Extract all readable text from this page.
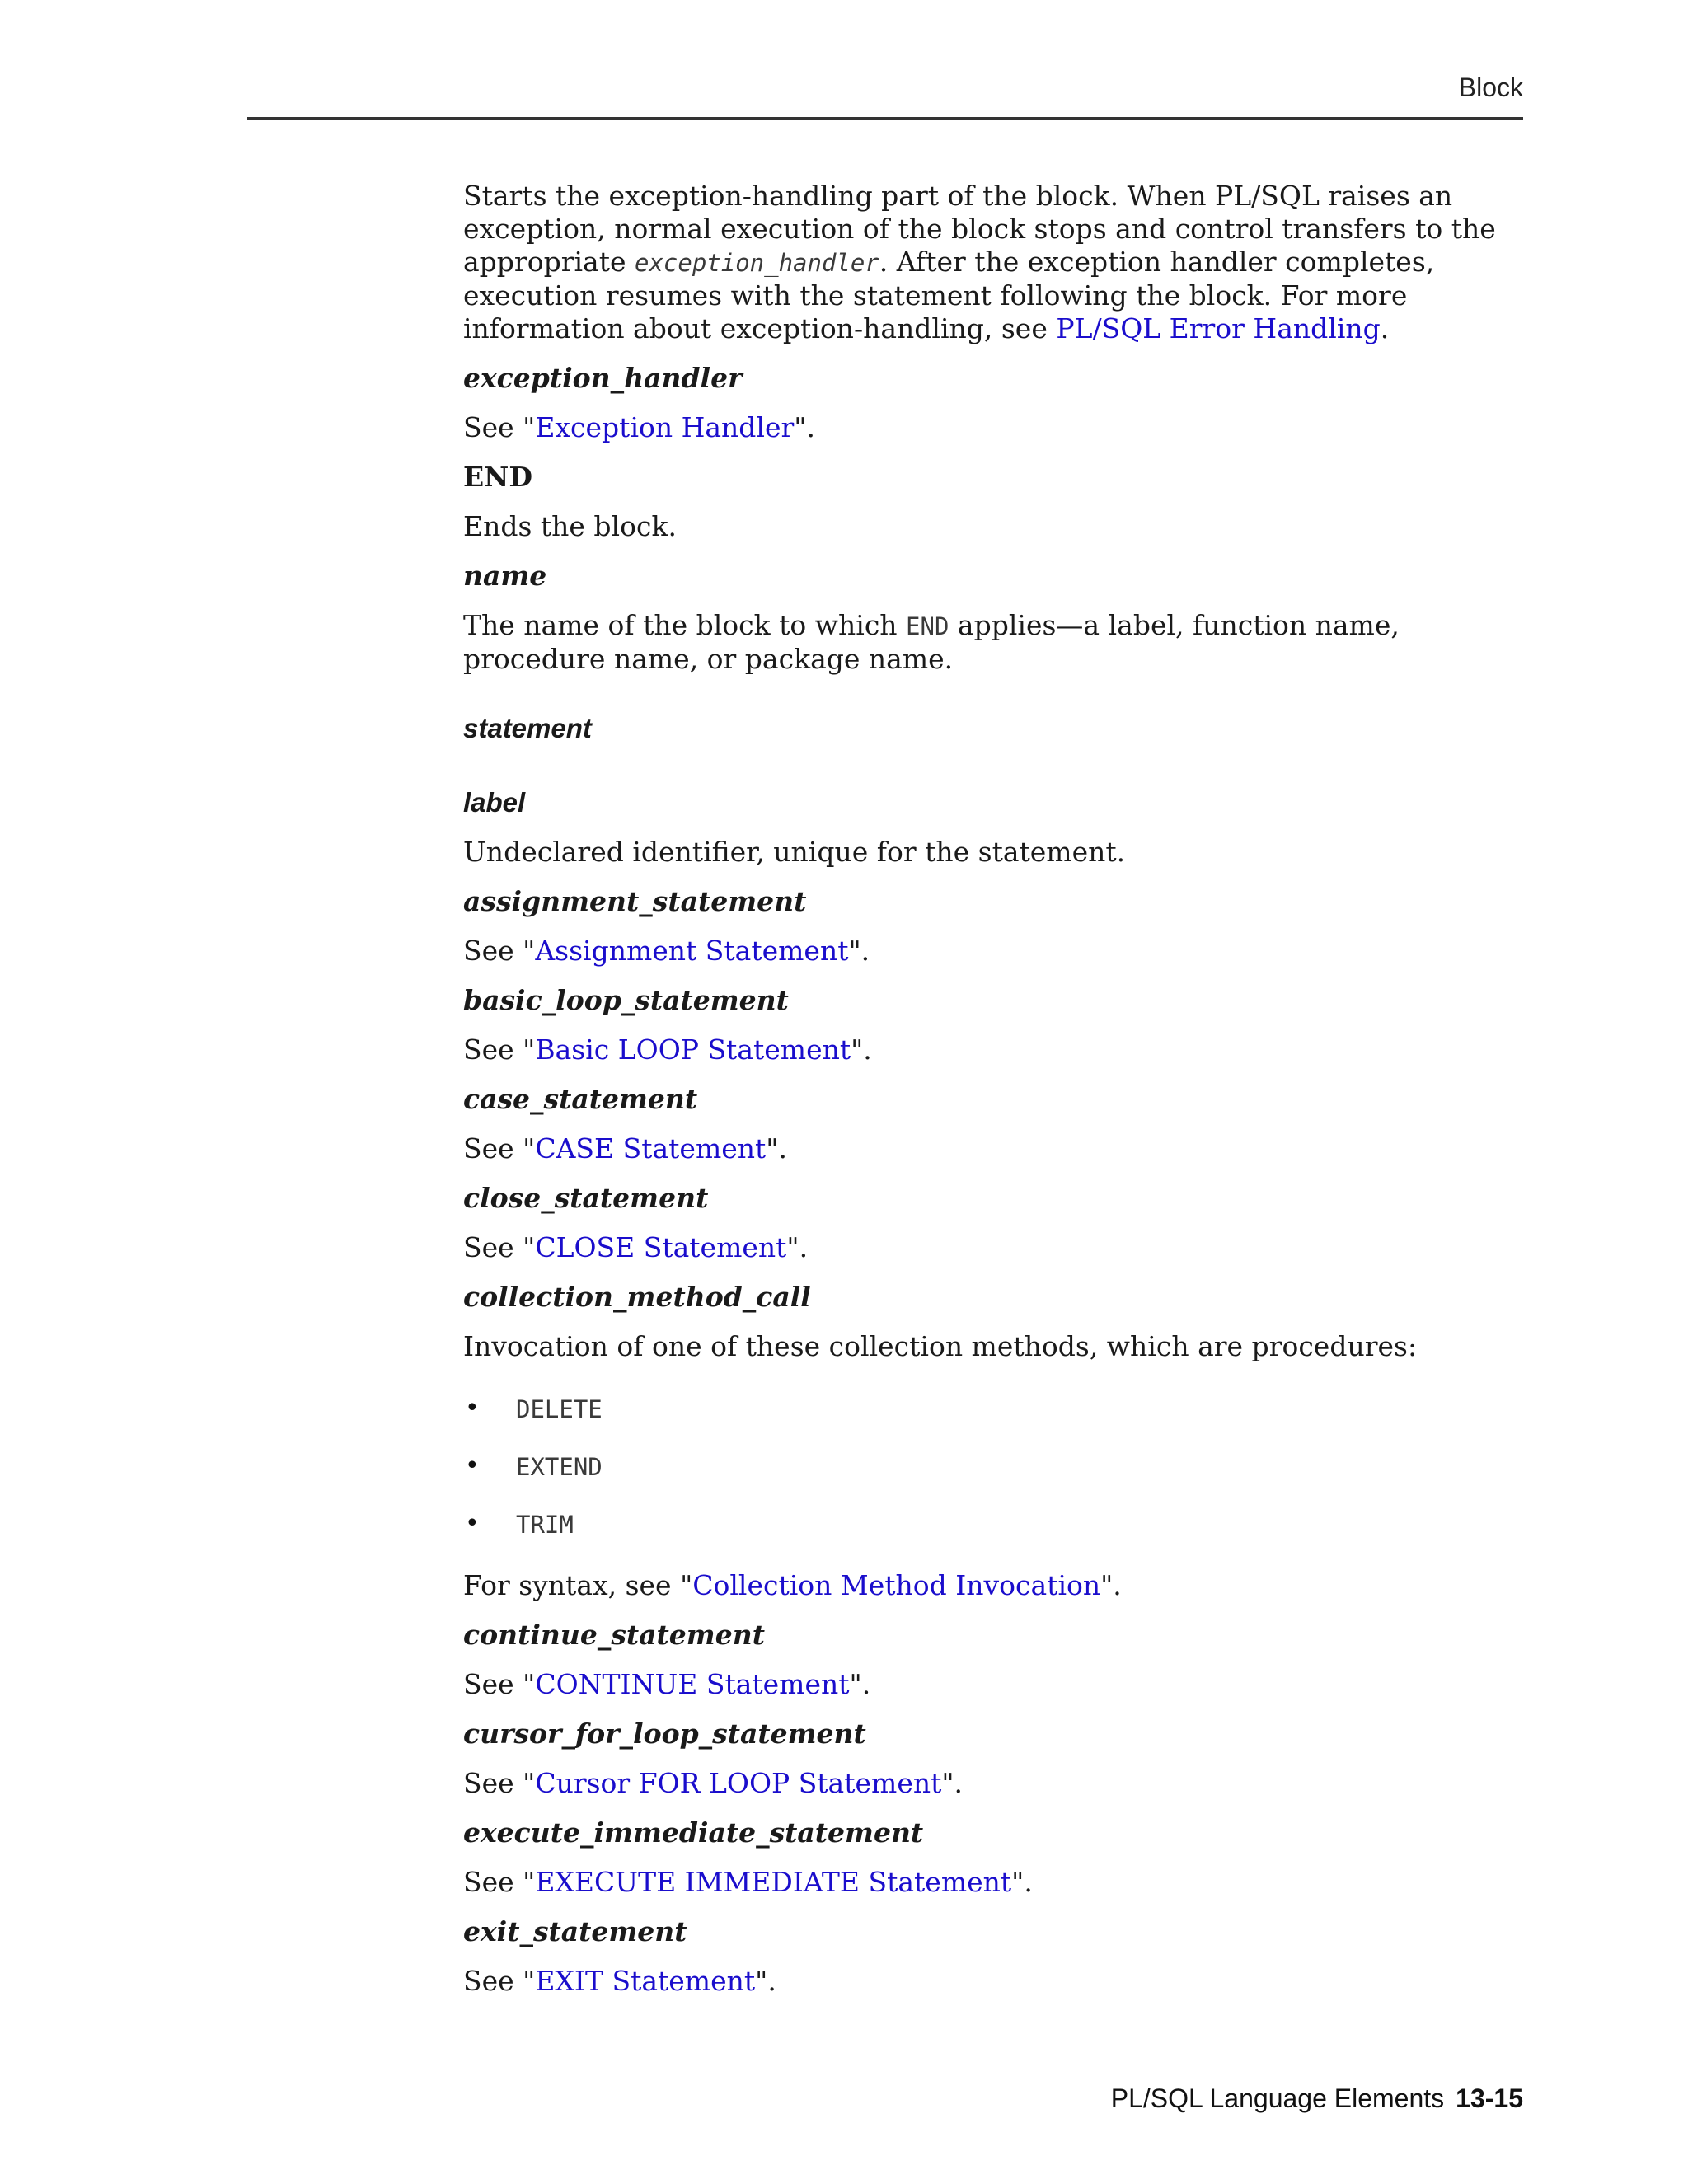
Block

Starts the exception-handling part of the block. When PL/SQL raises an exception, normal execution of the block stops and control transfers to the appropriate exception_handler. After the exception handler completes, execution resumes with the statement following the block. For more information about exception-handling, see PL/SQL Error Handling.

exception_handler

See "Exception Handler".

END

Ends the block.

name

The name of the block to which END applies—a label, function name, procedure name, or package name.

statement
label

Undeclared identifier, unique for the statement.

assignment_statement

See "Assignment Statement".

basic_loop_statement

See "Basic LOOP Statement".

case_statement

See "CASE Statement".

close_statement

See "CLOSE Statement".

collection_method_call

Invocation of one of these collection methods, which are procedures:

• DELETE
• EXTEND
• TRIM

For syntax, see "Collection Method Invocation".

continue_statement

See "CONTINUE Statement".

cursor_for_loop_statement

See "Cursor FOR LOOP Statement".

execute_immediate_statement

See "EXECUTE IMMEDIATE Statement".

exit_statement

See "EXIT Statement".

PL/SQL Language Elements 13-15
